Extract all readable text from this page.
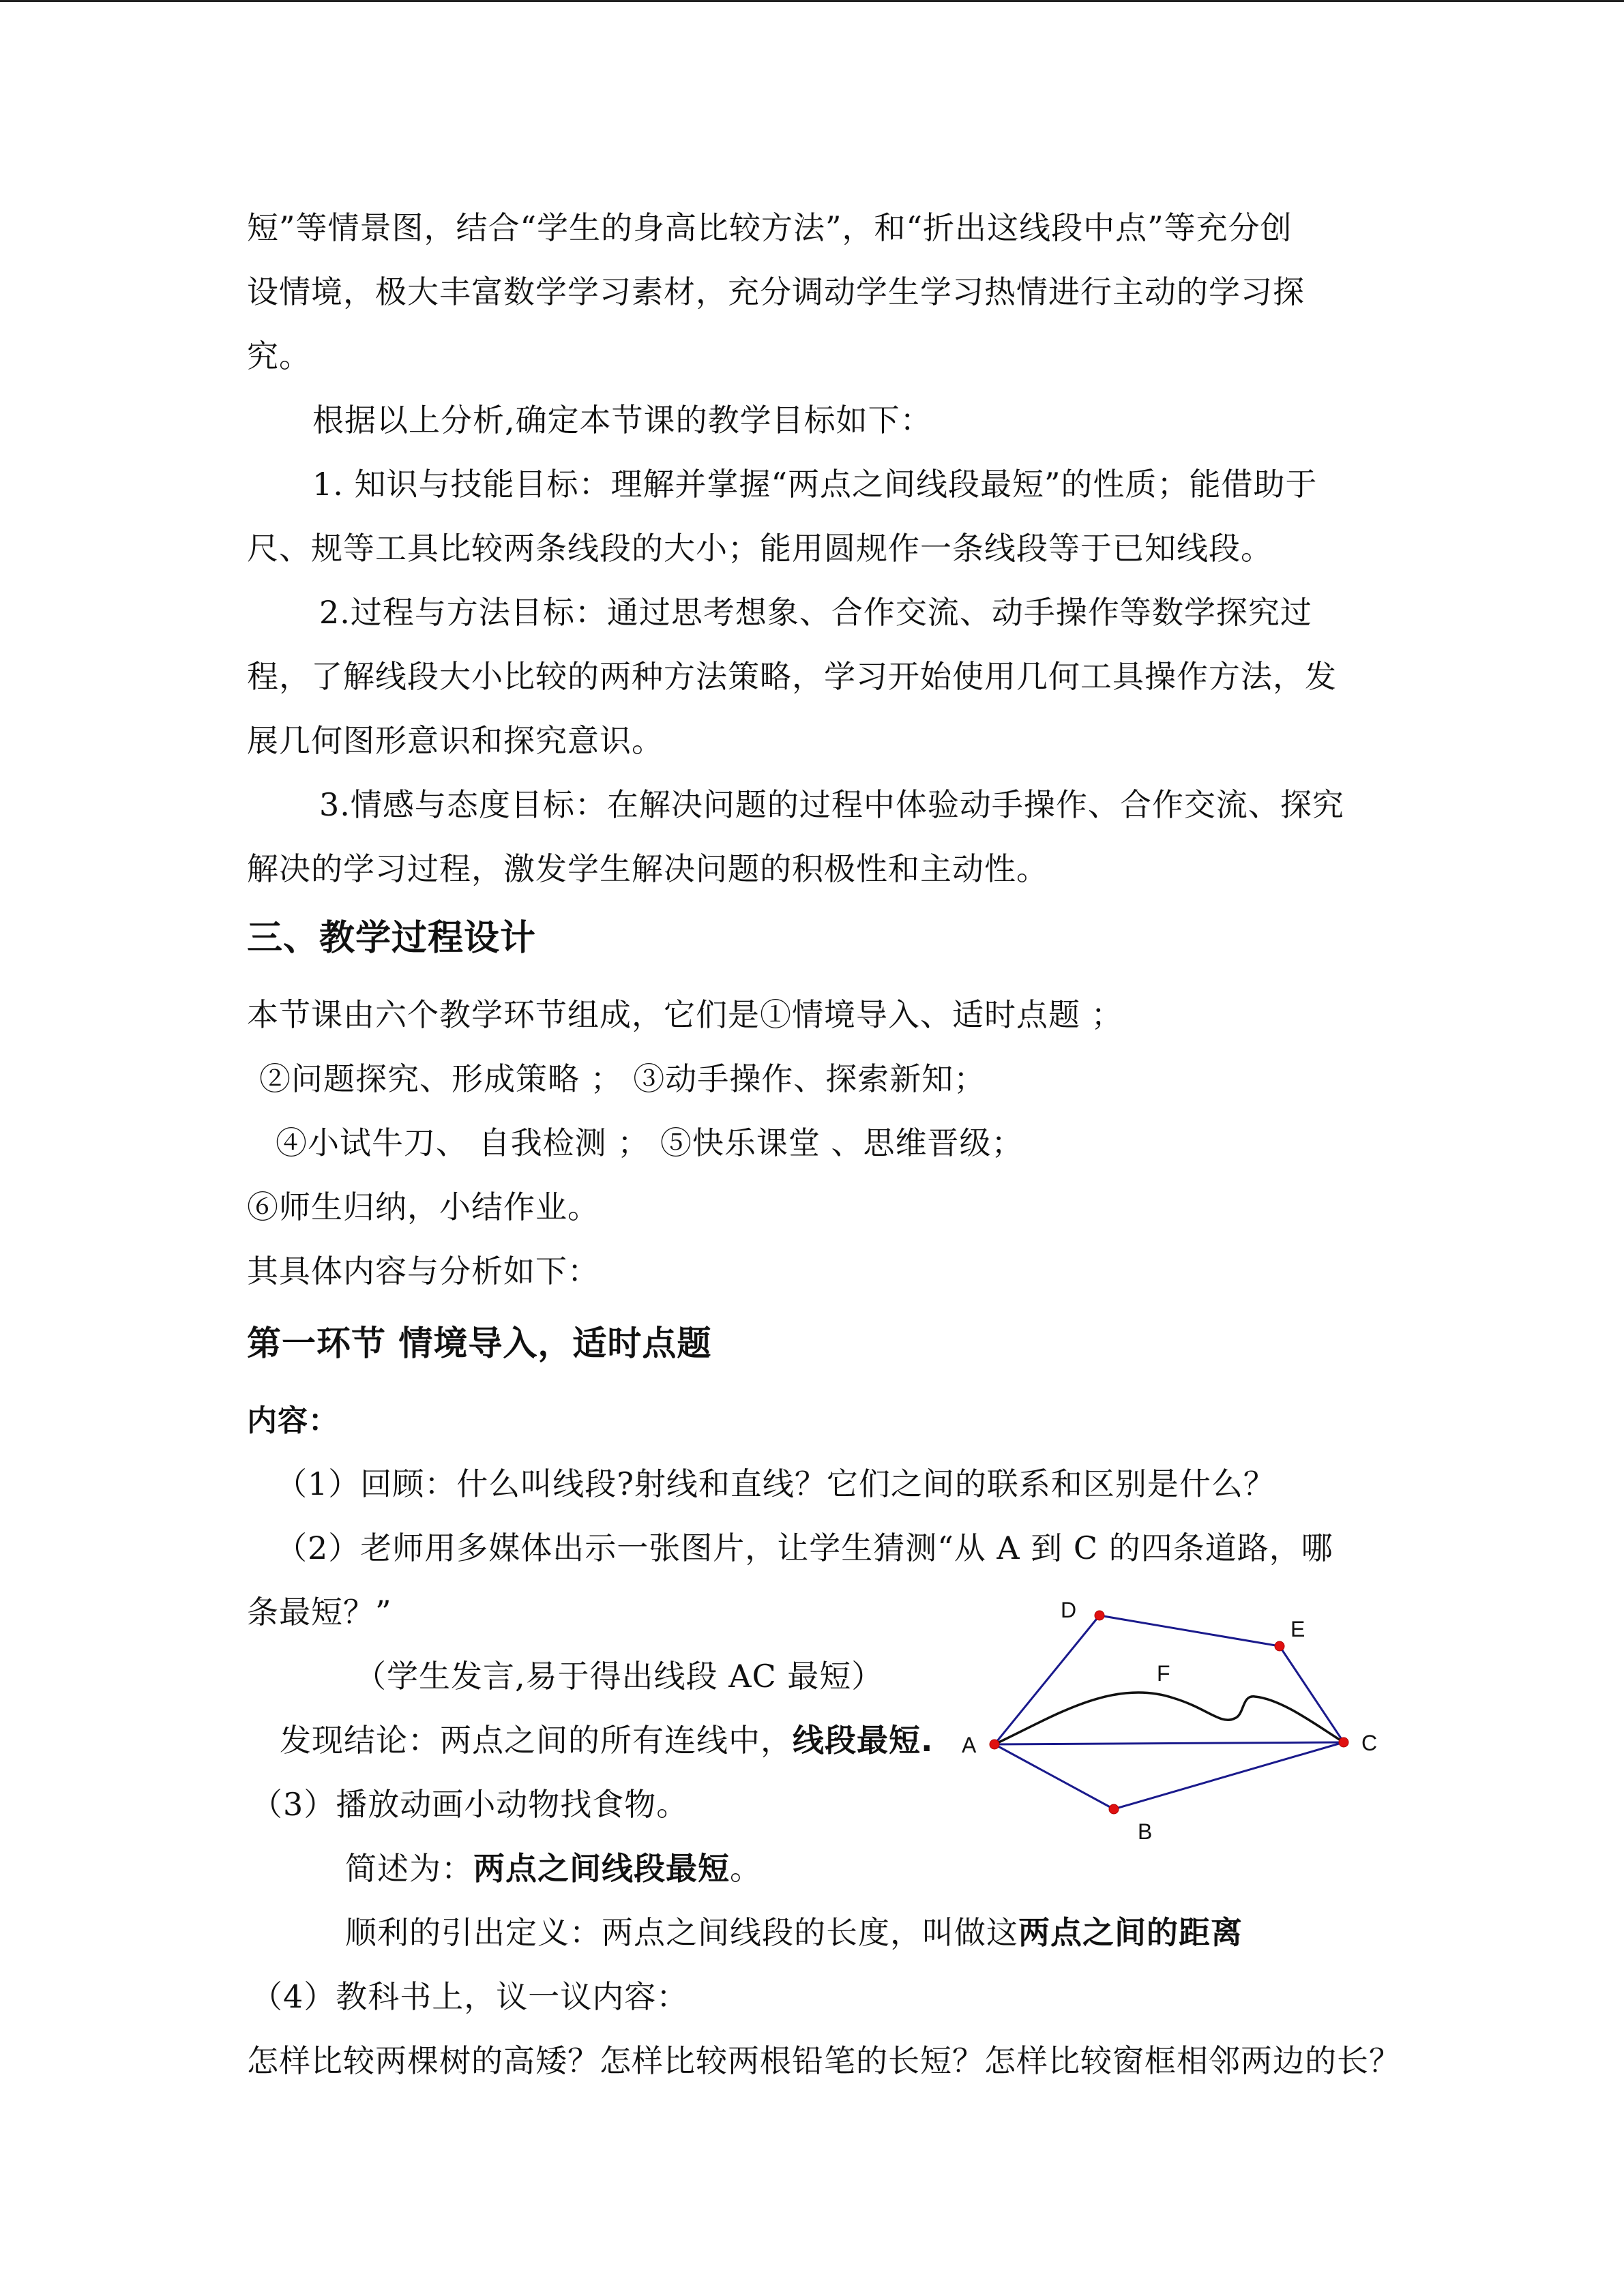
短”等情景图，结合“学生的身高比较方法”，和“折出这线段中点”等充分创
设情境，极大丰富数学学习素材，充分调动学生学习热情进行主动的学习探
究。
根据以上分析,确定本节课的教学目标如下：
1. 知识与技能目标：理解并掌握“两点之间线段最短”的性质；能借助于
尺、规等工具比较两条线段的大小；能用圆规作一条线段等于已知线段。
2.过程与方法目标：通过思考想象、合作交流、动手操作等数学探究过
程，了解线段大小比较的两种方法策略，学习开始使用几何工具操作方法，发
展几何图形意识和探究意识。
3.情感与态度目标：在解决问题的过程中体验动手操作、合作交流、探究
解决的学习过程，激发学生解决问题的积极性和主动性。
三、教学过程设计
本节课由六个教学环节组成，它们是①情境导入、适时点题 ；
②问题探究、形成策略 ； ③动手操作、探索新知；
④小试牛刀、 自我检测 ； ⑤快乐课堂 、思维晋级；
⑥师生归纳，小结作业。
其具体内容与分析如下：
第一环节 情境导入，适时点题
内容：
（1）回顾：什么叫线段?射线和直线？它们之间的联系和区别是什么？
（2）老师用多媒体出示一张图片，让学生猜测“从 A 到 C 的四条道路，哪
条最短？”
（学生发言,易于得出线段 AC 最短）
发现结论：两点之间的所有连线中，线段最短.
（3）播放动画小动物找食物。
简述为：两点之间线段最短。
顺利的引出定义：两点之间线段的长度，叫做这两点之间的距离
（4）教科书上，议一议内容：
怎样比较两棵树的高矮？怎样比较两根铅笔的长短？怎样比较窗框相邻两边的长？
A
D
E
F
C
B
